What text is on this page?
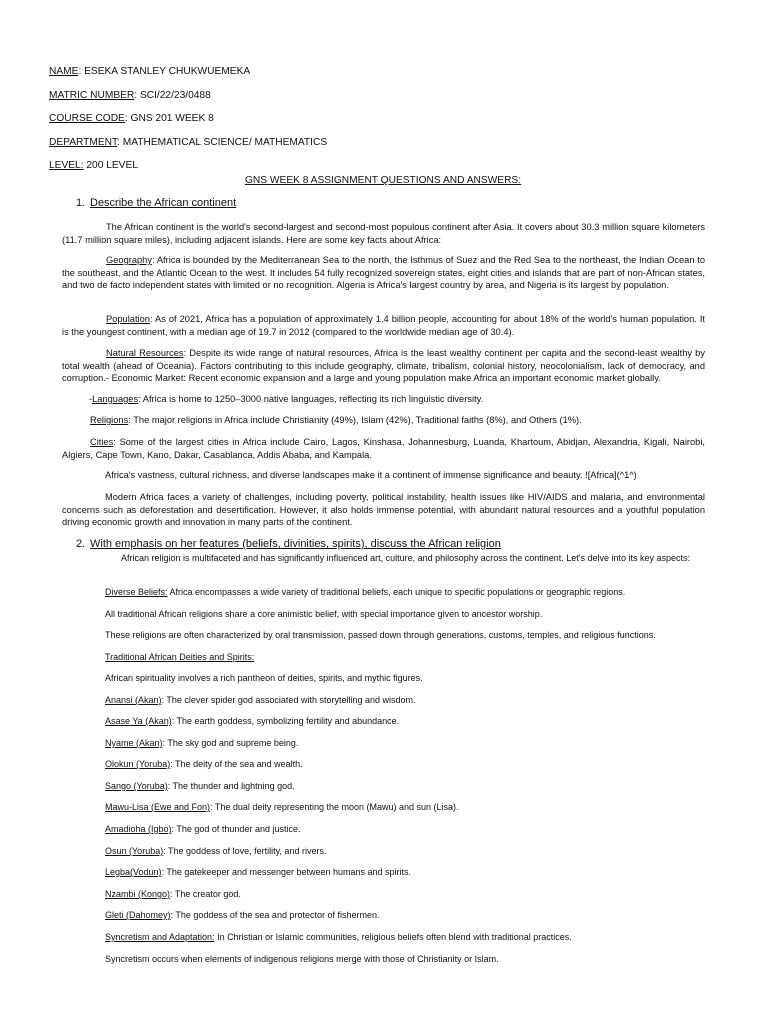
NAME: ESEKA STANLEY CHUKWUEMEKA
MATRIC NUMBER: SCI/22/23/0488
COURSE CODE: GNS 201 WEEK 8
DEPARTMENT: MATHEMATICAL SCIENCE/ MATHEMATICS
LEVEL: 200 LEVEL
GNS WEEK 8 ASSIGNMENT QUESTIONS AND ANSWERS:
1. Describe the African continent
The African continent is the world's second-largest and second-most populous continent after Asia. It covers about 30.3 million square kilometers (11.7 million square miles), including adjacent islands. Here are some key facts about Africa:
Geography: Africa is bounded by the Mediterranean Sea to the north, the Isthmus of Suez and the Red Sea to the northeast, the Indian Ocean to the southeast, and the Atlantic Ocean to the west. It includes 54 fully recognized sovereign states, eight cities and islands that are part of non-African states, and two de facto independent states with limited or no recognition. Algeria is Africa's largest country by area, and Nigeria is its largest by population.
Population: As of 2021, Africa has a population of approximately 1.4 billion people, accounting for about 18% of the world's human population. It is the youngest continent, with a median age of 19.7 in 2012 (compared to the worldwide median age of 30.4).
Natural Resources: Despite its wide range of natural resources, Africa is the least wealthy continent per capita and the second-least wealthy by total wealth (ahead of Oceania). Factors contributing to this include geography, climate, tribalism, colonial history, neocolonialism, lack of democracy, and corruption.- Economic Market: Recent economic expansion and a large and young population make Africa an important economic market globally.
-Languages: Africa is home to 1250–3000 native languages, reflecting its rich linguistic diversity.
Religions: The major religions in Africa include Christianity (49%), Islam (42%), Traditional faiths (8%), and Others (1%).
Cities: Some of the largest cities in Africa include Cairo, Lagos, Kinshasa, Johannesburg, Luanda, Khartoum, Abidjan, Alexandria, Kigali, Nairobi, Algiers, Cape Town, Kano, Dakar, Casablanca, Addis Ababa, and Kampala.
Africa's vastness, cultural richness, and diverse landscapes make it a continent of immense significance and beauty. ![Africa](^1^)
Modern Africa faces a variety of challenges, including poverty, political instability, health issues like HIV/AIDS and malaria, and environmental concerns such as deforestation and desertification. However, it also holds immense potential, with abundant natural resources and a youthful population driving economic growth and innovation in many parts of the continent.
2. With emphasis on her features (beliefs, divinities, spirits), discuss the African religion
African religion is multifaceted and has significantly influenced art, culture, and philosophy across the continent. Let's delve into its key aspects:
Diverse Beliefs: Africa encompasses a wide variety of traditional beliefs, each unique to specific populations or geographic regions.
All traditional African religions share a core animistic belief, with special importance given to ancestor worship.
These religions are often characterized by oral transmission, passed down through generations, customs, temples, and religious functions.
Traditional African Deities and Spirits:
African spirituality involves a rich pantheon of deities, spirits, and mythic figures.
Anansi (Akan): The clever spider god associated with storytelling and wisdom.
Asase Ya (Akan): The earth goddess, symbolizing fertility and abundance.
Nyame (Akan): The sky god and supreme being.
Olokun (Yoruba): The deity of the sea and wealth.
Sango (Yoruba): The thunder and lightning god.
Mawu-Lisa (Ewe and Fon): The dual deity representing the moon (Mawu) and sun (Lisa).
Amadioha (Igbo): The god of thunder and justice.
Osun (Yoruba): The goddess of love, fertility, and rivers.
Legba(Vodun): The gatekeeper and messenger between humans and spirits.
Nzambi (Kongo): The creator god.
Gleti (Dahomey): The goddess of the sea and protector of fishermen.
Syncretism and Adaptation: In Christian or Islamic communities, religious beliefs often blend with traditional practices.
Syncretism occurs when elements of indigenous religions merge with those of Christianity or Islam.
